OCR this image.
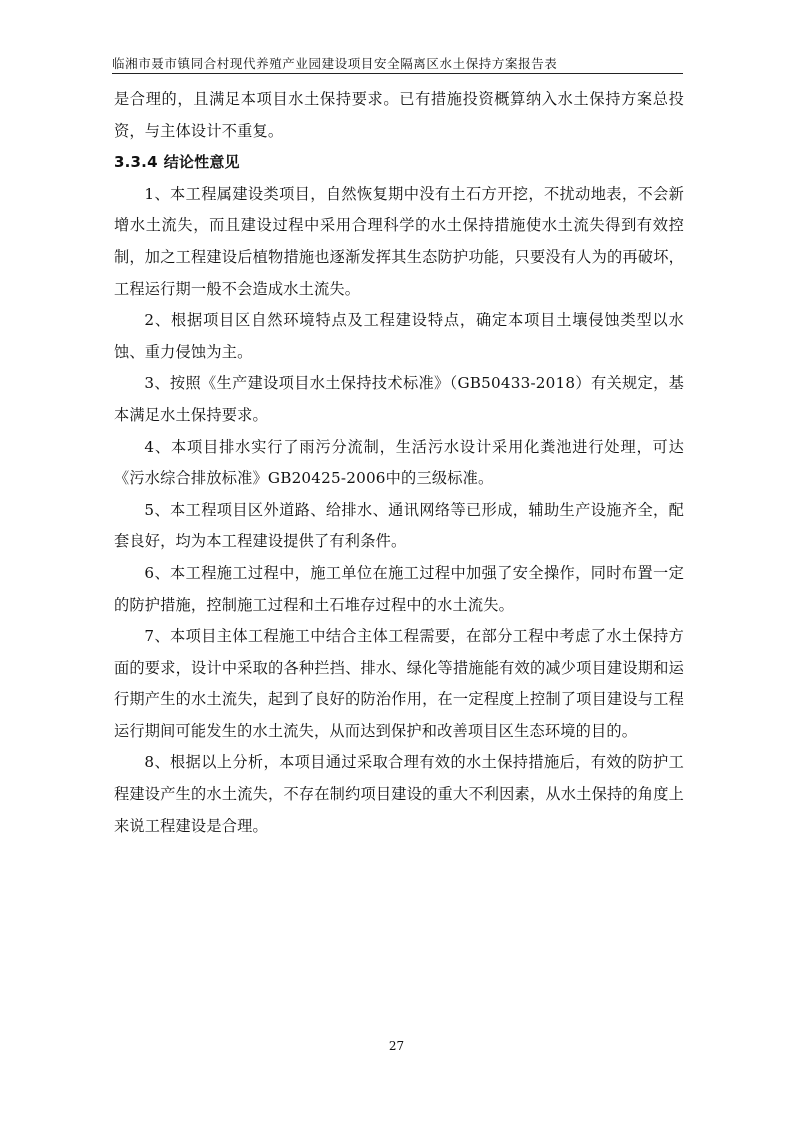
临湘市聂市镇同合村现代养殖产业园建设项目安全隔离区水土保持方案报告表

是合理的，且满足本项目水土保持要求。已有措施投资概算纳入水土保持方案总投资，与主体设计不重复。

3.3.4 结论性意见

1、本工程属建设类项目，自然恢复期中没有土石方开挖，不扰动地表，不会新增水土流失，而且建设过程中采用合理科学的水土保持措施使水土流失得到有效控制，加之工程建设后植物措施也逐渐发挥其生态防护功能，只要没有人为的再破坏，工程运行期一般不会造成水土流失。

2、根据项目区自然环境特点及工程建设特点，确定本项目土壤侵蚀类型以水蚀、重力侵蚀为主。

3、按照《生产建设项目水土保持技术标准》（GB50433-2018）有关规定，基本满足水土保持要求。

4、本项目排水实行了雨污分流制，生活污水设计采用化粪池进行处理，可达《污水综合排放标准》GB20425-2006中的三级标准。

5、本工程项目区外道路、给排水、通讯网络等已形成，辅助生产设施齐全，配套良好，均为本工程建设提供了有利条件。

6、本工程施工过程中，施工单位在施工过程中加强了安全操作，同时布置一定的防护措施，控制施工过程和土石堆存过程中的水土流失。

7、本项目主体工程施工中结合主体工程需要，在部分工程中考虑了水土保持方面的要求，设计中采取的各种拦挡、排水、绿化等措施能有效的减少项目建设期和运行期产生的水土流失，起到了良好的防治作用，在一定程度上控制了项目建设与工程运行期间可能发生的水土流失，从而达到保护和改善项目区生态环境的目的。

8、根据以上分析，本项目通过采取合理有效的水土保持措施后，有效的防护工程建设产生的水土流失，不存在制约项目建设的重大不利因素，从水土保持的角度上来说工程建设是合理。

27
